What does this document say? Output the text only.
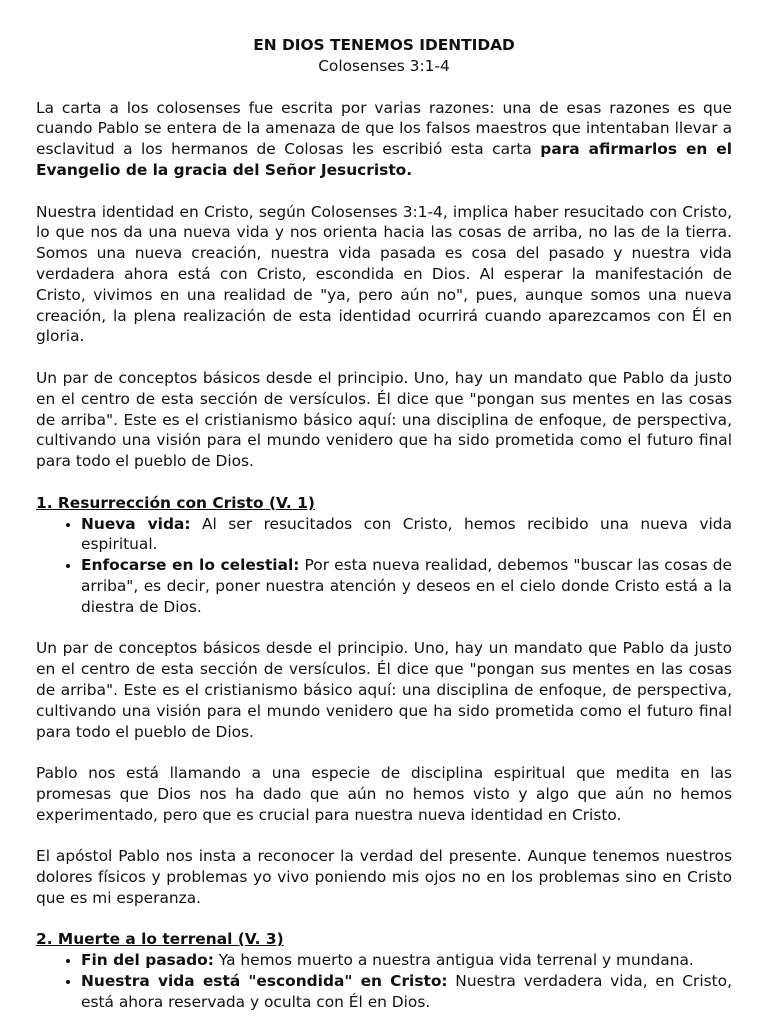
EN DIOS TENEMOS IDENTIDAD
Colosenses 3:1-4

La carta a los colosenses fue escrita por varias razones: una de esas razones es que cuando Pablo se entera de la amenaza de que los falsos maestros que intentaban llevar a esclavitud a los hermanos de Colosas les escribió esta carta para afirmarlos en el Evangelio de la gracia del Señor Jesucristo.

Nuestra identidad en Cristo, según Colosenses 3:1-4, implica haber resucitado con Cristo, lo que nos da una nueva vida y nos orienta hacia las cosas de arriba, no las de la tierra. Somos una nueva creación, nuestra vida pasada es cosa del pasado y nuestra vida verdadera ahora está con Cristo, escondida en Dios. Al esperar la manifestación de Cristo, vivimos en una realidad de "ya, pero aún no", pues, aunque somos una nueva creación, la plena realización de esta identidad ocurrirá cuando aparezcamos con Él en gloria.

Un par de conceptos básicos desde el principio. Uno, hay un mandato que Pablo da justo en el centro de esta sección de versículos. Él dice que "pongan sus mentes en las cosas de arriba". Este es el cristianismo básico aquí: una disciplina de enfoque, de perspectiva, cultivando una visión para el mundo venidero que ha sido prometida como el futuro final para todo el pueblo de Dios.

1. Resurrección con Cristo (V. 1)
• Nueva vida: Al ser resucitados con Cristo, hemos recibido una nueva vida espiritual.
• Enfocarse en lo celestial: Por esta nueva realidad, debemos "buscar las cosas de arriba", es decir, poner nuestra atención y deseos en el cielo donde Cristo está a la diestra de Dios.

Un par de conceptos básicos desde el principio. Uno, hay un mandato que Pablo da justo en el centro de esta sección de versículos. Él dice que "pongan sus mentes en las cosas de arriba". Este es el cristianismo básico aquí: una disciplina de enfoque, de perspectiva, cultivando una visión para el mundo venidero que ha sido prometida como el futuro final para todo el pueblo de Dios.

Pablo nos está llamando a una especie de disciplina espiritual que medita en las promesas que Dios nos ha dado que aún no hemos visto y algo que aún no hemos experimentado, pero que es crucial para nuestra nueva identidad en Cristo.

El apóstol Pablo nos insta a reconocer la verdad del presente. Aunque tenemos nuestros dolores físicos y problemas yo vivo poniendo mis ojos no en los problemas sino en Cristo que es mi esperanza.

2. Muerte a lo terrenal (V. 3)
• Fin del pasado: Ya hemos muerto a nuestra antigua vida terrenal y mundana.
• Nuestra vida está "escondida" en Cristo: Nuestra verdadera vida, en Cristo, está ahora reservada y oculta con Él en Dios.
